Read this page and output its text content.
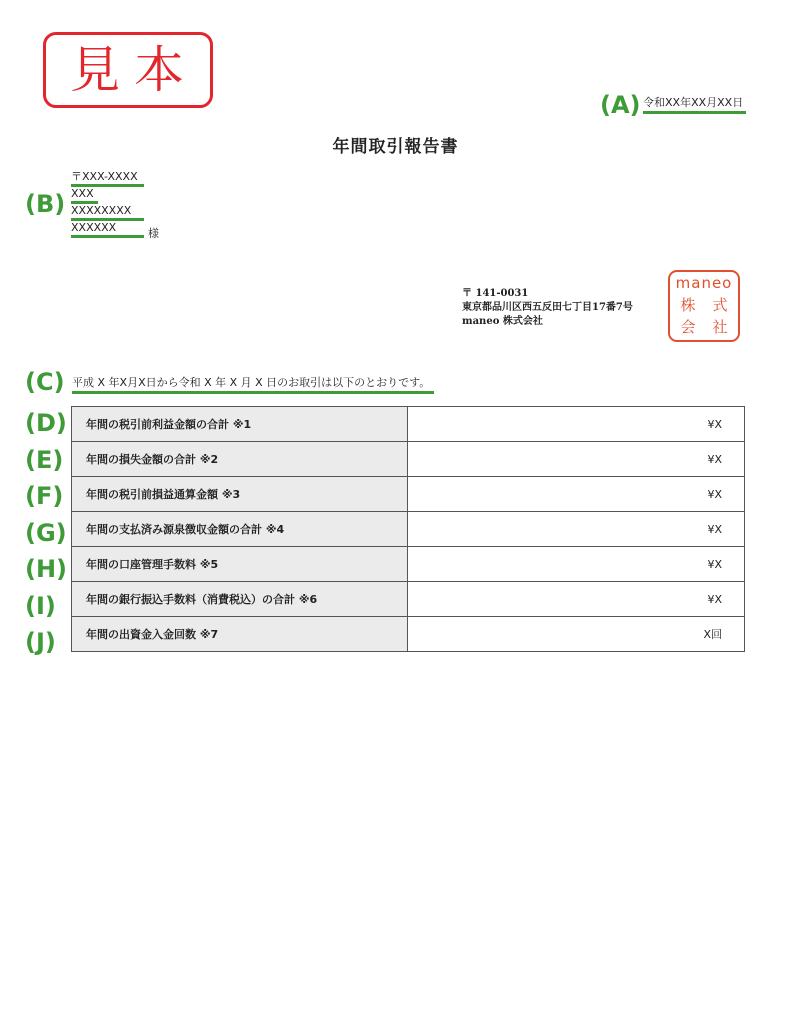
見本
(A) 令和XX年XX月XX日
年間取引報告書
(B)
〒XXX-XXXX
XXX
XXXXXXXX
XXXXXX	様
〒 141-0031
東京都品川区西五反田七丁目17番7号
maneo 株式会社
maneo
株	式
会	社
(C) 平成 X 年X月X日から令和 X 年 X 月 X 日のお取引は以下のとおりです。
(D)
(E)
(F)
(G)
(H)
(I)
(J)
年間の税引前利益金額の合計 ※1	¥X
年間の損失金額の合計 ※2	¥X
年間の税引前損益通算金額 ※3	¥X
年間の支払済み源泉徴収金額の合計 ※4	¥X
年間の口座管理手数料 ※5	¥X
年間の銀行振込手数料（消費税込）の合計 ※6	¥X
年間の出資金入金回数 ※7	X回
